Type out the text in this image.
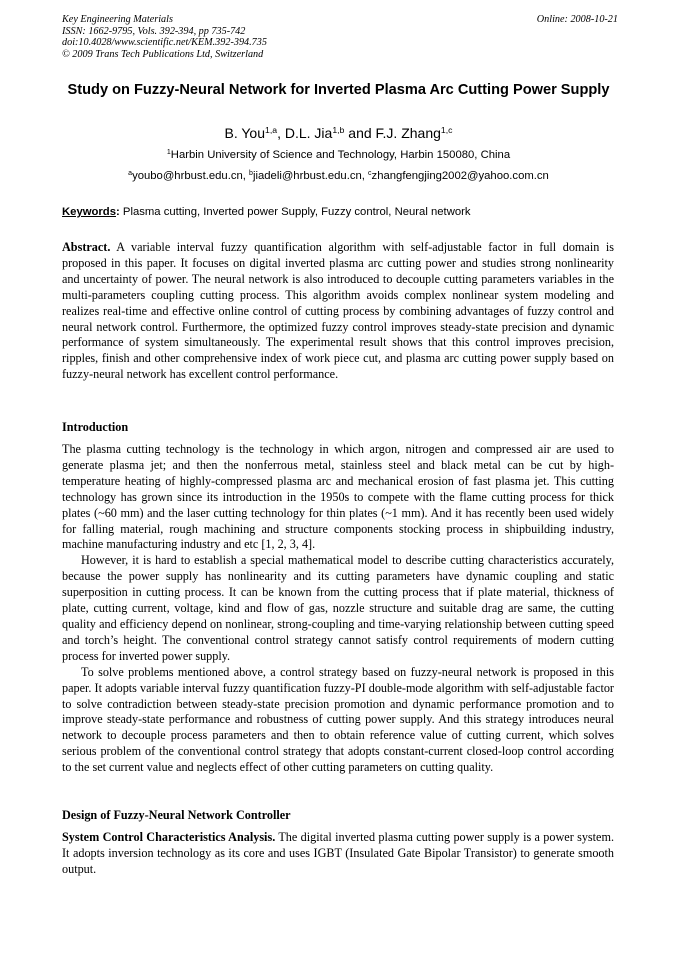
Key Engineering Materials
ISSN: 1662-9795, Vols. 392-394, pp 735-742
doi:10.4028/www.scientific.net/KEM.392-394.735
© 2009 Trans Tech Publications Ltd, Switzerland
Online: 2008-10-21
Study on Fuzzy-Neural Network for Inverted Plasma Arc Cutting Power Supply
B. You$^{1,a}$, D.L. Jia$^{1,b}$ and F.J. Zhang$^{1,c}$
$^1$Harbin University of Science and Technology, Harbin 150080, China
$^a$youbo@hrbust.edu.cn, $^b$jiadeli@hrbust.edu.cn, $^c$zhangfengjing2002@yahoo.com.cn
Keywords: Plasma cutting, Inverted power Supply, Fuzzy control, Neural network

Abstract. A variable interval fuzzy quantification algorithm with self-adjustable factor in full domain is proposed in this paper. It focuses on digital inverted plasma arc cutting power and studies strong nonlinearity and uncertainty of power. The neural network is also introduced to decouple cutting parameters variables in the multi-parameters coupling cutting process. This algorithm avoids complex nonlinear system modeling and realizes real-time and effective online control of cutting process by combining advantages of fuzzy control and neural network control. Furthermore, the optimized fuzzy control improves steady-state precision and dynamic performance of system simultaneously. The experimental result shows that this control improves precision, ripples, finish and other comprehensive index of work piece cut, and plasma arc cutting power supply based on fuzzy-neural network has excellent control performance.

Introduction

The plasma cutting technology is the technology in which argon, nitrogen and compressed air are used to generate plasma jet; and then the nonferrous metal, stainless steel and black metal can be cut by high-temperature heating of highly-compressed plasma arc and mechanical erosion of fast plasma jet. This cutting technology has grown since its introduction in the 1950s to compete with the flame cutting process for thick plates (~60 mm) and the laser cutting technology for thin plates (~1 mm). And it has recently been used widely for falling material, rough machining and structure components stocking process in shipbuilding industry, machine manufacturing industry and etc [1, 2, 3, 4].

However, it is hard to establish a special mathematical model to describe cutting characteristics accurately, because the power supply has nonlinearity and its cutting parameters have dynamic coupling and static superposition in cutting process. It can be known from the cutting process that if plate material, thickness of plate, cutting current, voltage, kind and flow of gas, nozzle structure and suitable drag are same, the cutting quality and efficiency depend on nonlinear, strong-coupling and time-varying relationship between cutting speed and torch’s height. The conventional control strategy cannot satisfy control requirements of modern cutting process for inverted power supply.

To solve problems mentioned above, a control strategy based on fuzzy-neural network is proposed in this paper. It adopts variable interval fuzzy quantification fuzzy-PI double-mode algorithm with self-adjustable factor to solve contradiction between steady-state precision promotion and dynamic performance promotion and to improve steady-state performance and robustness of cutting power supply. And this strategy introduces neural network to decouple process parameters and then to obtain reference value of cutting current, which solves serious problem of the conventional control strategy that adopts constant-current closed-loop control according to the set current value and neglects effect of other cutting parameters on cutting quality.

Design of Fuzzy-Neural Network Controller

System Control Characteristics Analysis. The digital inverted plasma cutting power supply is a power system. It adopts inversion technology as its core and uses IGBT (Insulated Gate Bipolar Transistor) to generate smooth output.
